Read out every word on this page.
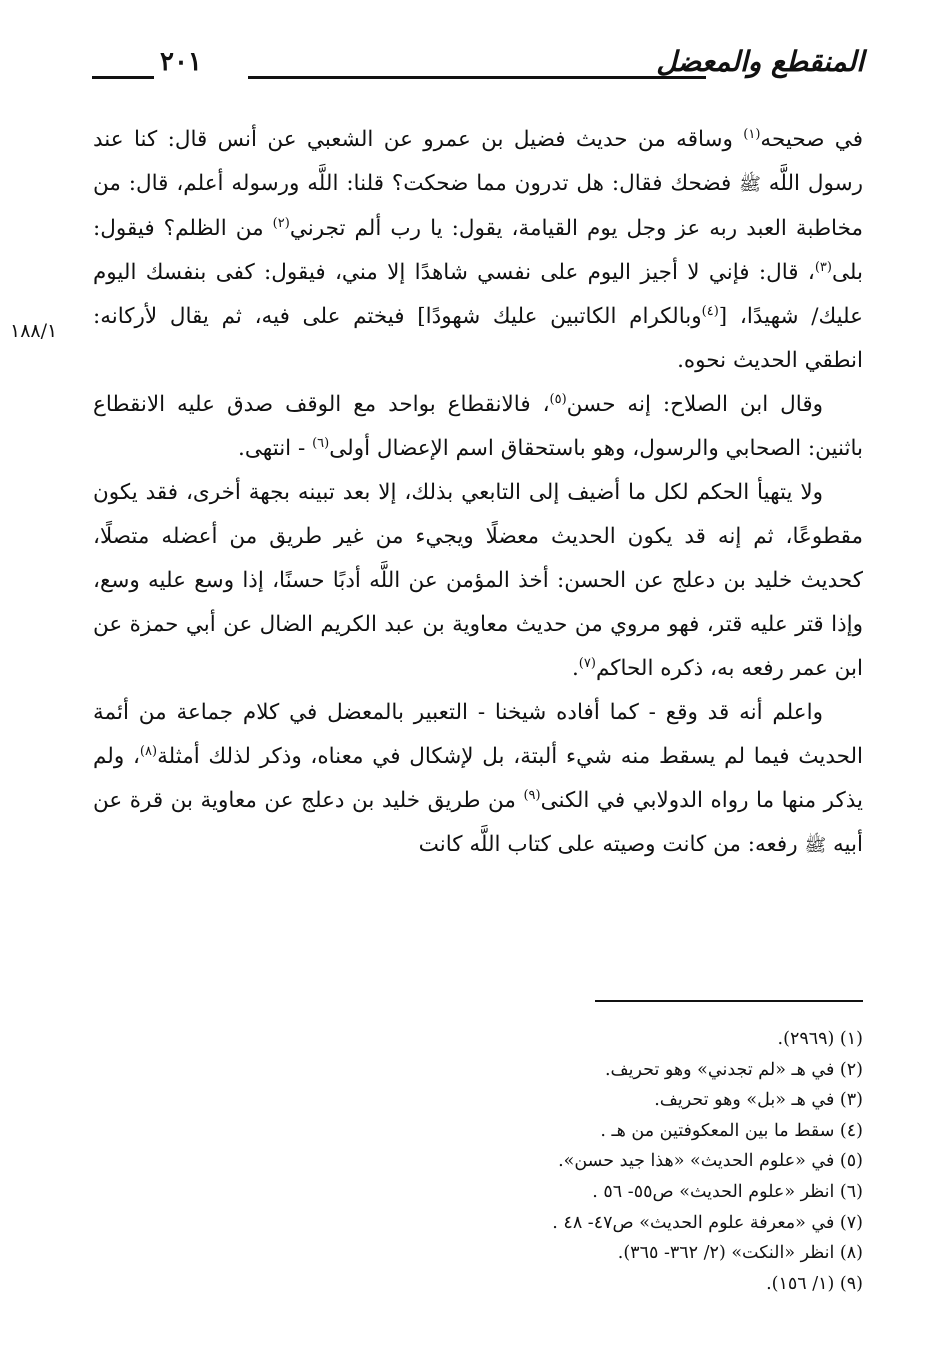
المنقطع والمعضل
٢٠١
١٨٨/١

في صحيحه$^{(١)}$ وساقه من حديث فضيل بن عمرو عن الشعبي عن أنس قال: كنا عند رسول اللَّه ﷺ فضحك فقال: هل تدرون مما ضحكت؟ قلنا: اللَّه ورسوله أعلم، قال: من مخاطبة العبد ربه عز وجل يوم القيامة، يقول: يا رب ألم تجرني$^{(٢)}$ من الظلم؟ فيقول: بلى$^{(٣)}$، قال: فإني لا أجيز اليوم على نفسي شاهدًا إلا مني، فيقول: كفى بنفسك اليوم عليك/ شهيدًا، [$^{(٤)}$وبالكرام الكاتبين عليك شهودًا] فيختم على فيه، ثم يقال لأركانه: انطقي الحديث نحوه.

وقال ابن الصلاح: إنه حسن$^{(٥)}$، فالانقطاع بواحد مع الوقف صدق عليه الانقطاع باثنين: الصحابي والرسول، وهو باستحقاق اسم الإعضال أولى$^{(٦)}$ - انتهى.

ولا يتهيأ الحكم لكل ما أضيف إلى التابعي بذلك، إلا بعد تبينه بجهة أخرى، فقد يكون مقطوعًا، ثم إنه قد يكون الحديث معضلًا ويجيء من غير طريق من أعضله متصلًا، كحديث خليد بن دعلج عن الحسن: أخذ المؤمن عن اللَّه أدبًا حسنًا، إذا وسع عليه وسع، وإذا قتر عليه قتر، فهو مروي من حديث معاوية بن عبد الكريم الضال عن أبي حمزة عن ابن عمر رفعه به، ذكره الحاكم$^{(٧)}$.

واعلم أنه قد وقع - كما أفاده شيخنا - التعبير بالمعضل في كلام جماعة من أئمة الحديث فيما لم يسقط منه شيء ألبتة، بل لإشكال في معناه، وذكر لذلك أمثلة$^{(٨)}$، ولم يذكر منها ما رواه الدولابي في الكنى$^{(٩)}$ من طريق خليد بن دعلج عن معاوية بن قرة عن أبيه ﷺ رفعه: من كانت وصيته على كتاب اللَّه كانت

(١) (٢٩٦٩).
(٢) في هـ «لم تجدني» وهو تحريف.
(٣) في هـ «بل» وهو تحريف.
(٤) سقط ما بين المعكوفتين من هـ .
(٥) في «علوم الحديث» «هذا جيد حسن».
(٦) انظر «علوم الحديث» ص٥٥- ٥٦ .
(٧) في «معرفة علوم الحديث» ص٤٧- ٤٨ .
(٨) انظر «النكت» (٢/ ٣٦٢- ٣٦٥).
(٩) (١/ ١٥٦).
